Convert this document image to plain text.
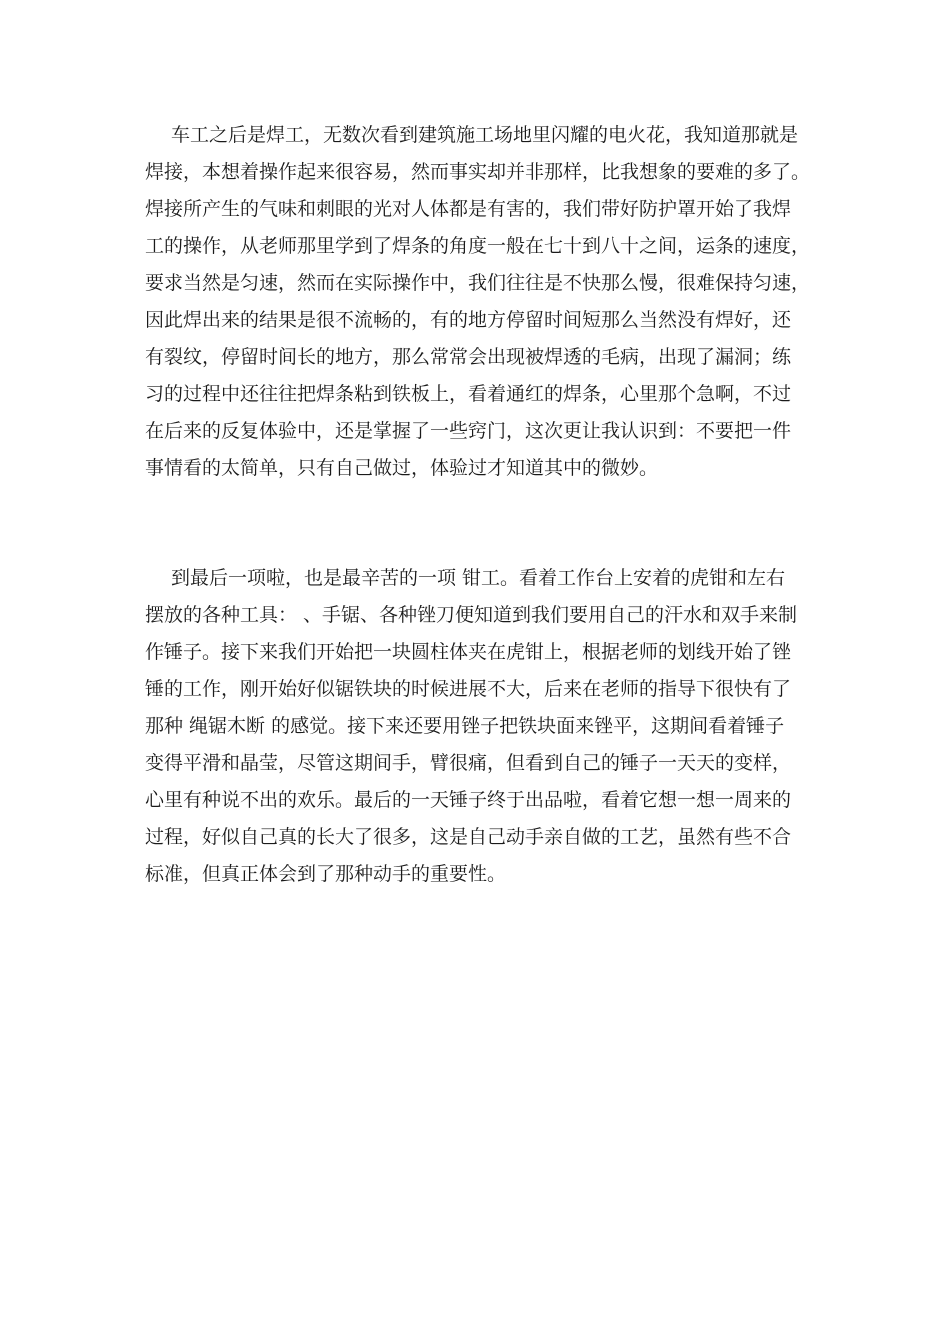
车工之后是焊工，无数次看到建筑施工场地里闪耀的电火花，我知道那就是
焊接，本想着操作起来很容易，然而事实却并非那样，比我想象的要难的多了。
焊接所产生的气味和刺眼的光对人体都是有害的，我们带好防护罩开始了我焊
工的操作，从老师那里学到了焊条的角度一般在七十到八十之间，运条的速度，
要求当然是匀速，然而在实际操作中，我们往往是不快那么慢，很难保持匀速，
因此焊出来的结果是很不流畅的，有的地方停留时间短那么当然没有焊好，还
有裂纹，停留时间长的地方，那么常常会出现被焊透的毛病，出现了漏洞；练
习的过程中还往往把焊条粘到铁板上，看着通红的焊条，心里那个急啊，不过
在后来的反复体验中，还是掌握了一些窍门，这次更让我认识到：不要把一件
事情看的太简单，只有自己做过，体验过才知道其中的微妙。
到最后一项啦，也是最辛苦的一项 钳工。看着工作台上安着的虎钳和左右
摆放的各种工具： 、手锯、各种锉刀便知道到我们要用自己的汗水和双手来制
作锤子。接下来我们开始把一块圆柱体夹在虎钳上，根据老师的划线开始了锉
锤的工作，刚开始好似锯铁块的时候进展不大，后来在老师的指导下很快有了
那种 绳锯木断 的感觉。接下来还要用锉子把铁块面来锉平，这期间看着锤子
变得平滑和晶莹，尽管这期间手，臂很痛，但看到自己的锤子一天天的变样，
心里有种说不出的欢乐。最后的一天锤子终于出品啦，看着它想一想一周来的
过程，好似自己真的长大了很多，这是自己动手亲自做的工艺，虽然有些不合
标准，但真正体会到了那种动手的重要性。
